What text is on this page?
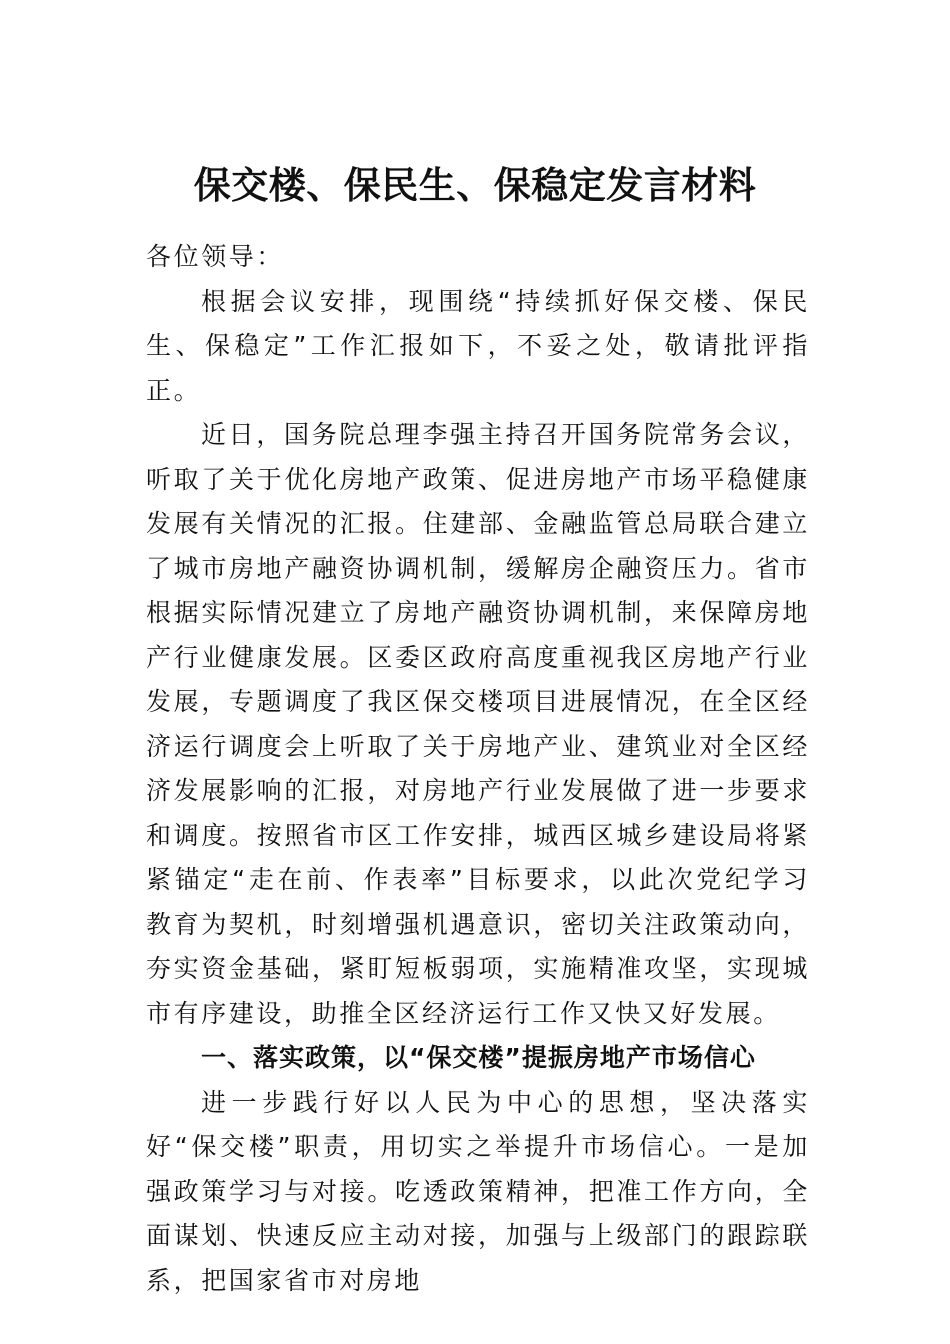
保交楼、保民生、保稳定发言材料

各位领导：

根据会议安排，现围绕“持续抓好保交楼、保民生、保稳定”工作汇报如下，不妥之处，敬请批评指正。

近日，国务院总理李强主持召开国务院常务会议，听取了关于优化房地产政策、促进房地产市场平稳健康发展有关情况的汇报。住建部、金融监管总局联合建立了城市房地产融资协调机制，缓解房企融资压力。省市根据实际情况建立了房地产融资协调机制，来保障房地产行业健康发展。区委区政府高度重视我区房地产行业发展，专题调度了我区保交楼项目进展情况，在全区经济运行调度会上听取了关于房地产业、建筑业对全区经济发展影响的汇报，对房地产行业发展做了进一步要求和调度。按照省市区工作安排，城西区城乡建设局将紧紧锚定“走在前、作表率”目标要求，以此次党纪学习教育为契机，时刻增强机遇意识，密切关注政策动向，夯实资金基础，紧盯短板弱项，实施精准攻坚，实现城市有序建设，助推全区经济运行工作又快又好发展。

一、落实政策，以“保交楼”提振房地产市场信心

进一步践行好以人民为中心的思想，坚决落实好“保交楼”职责，用切实之举提升市场信心。一是加强政策学习与对接。吃透政策精神，把准工作方向，全面谋划、快速反应主动对接，加强与上级部门的跟踪联系，把国家省市对房地
